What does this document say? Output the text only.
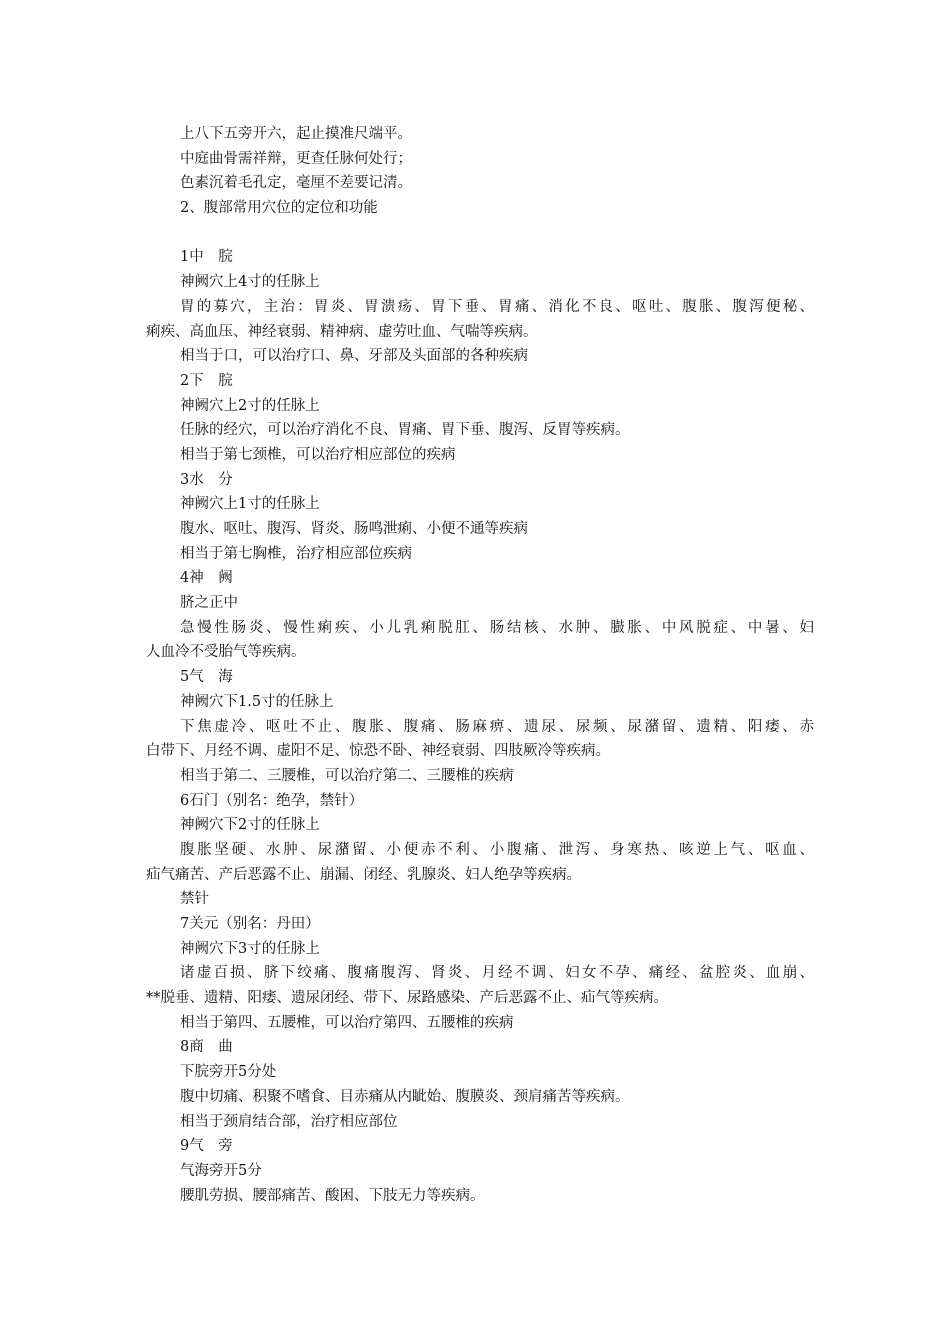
上八下五旁开六，起止摸准尺端平。
中庭曲骨需祥辩，更查任脉何处行；
色素沉着毛孔定，毫厘不差要记清。
2、腹部常用穴位的定位和功能
1中　脘
神阙穴上4寸的任脉上
胃的募穴，主治：胃炎、胃溃疡、胃下垂、胃痛、消化不良、呕吐、腹胀、腹泻便秘、
痢疾、高血压、神经衰弱、精神病、虚劳吐血、气喘等疾病。
相当于口，可以治疗口、鼻、牙部及头面部的各种疾病
2下　脘
神阙穴上2寸的任脉上
任脉的经穴，可以治疗消化不良、胃痛、胃下垂、腹泻、反胃等疾病。
相当于第七颈椎，可以治疗相应部位的疾病
3水　分
神阙穴上1寸的任脉上
腹水、呕吐、腹泻、肾炎、肠鸣泄痢、小便不通等疾病
相当于第七胸椎，治疗相应部位疾病
4神　阙
脐之正中
急慢性肠炎、慢性痢疾、小儿乳痢脱肛、肠结核、水肿、臌胀、中风脱症、中暑、妇
人血冷不受胎气等疾病。
5气　海
神阙穴下1.5寸的任脉上
下焦虚冷、呕吐不止、腹胀、腹痛、肠麻痹、遗尿、尿频、尿潴留、遗精、阳痿、赤
白带下、月经不调、虚阳不足、惊恐不卧、神经衰弱、四肢厥冷等疾病。
相当于第二、三腰椎，可以治疗第二、三腰椎的疾病
6石门（别名：绝孕，禁针）
神阙穴下2寸的任脉上
腹胀坚硬、水肿、尿潴留、小便赤不利、小腹痛、泄泻、身寒热、咳逆上气、呕血、
疝气痛苦、产后恶露不止、崩漏、闭经、乳腺炎、妇人绝孕等疾病。
禁针
7关元（别名：丹田）
神阙穴下3寸的任脉上
诸虚百损、脐下绞痛、腹痛腹泻、肾炎、月经不调、妇女不孕、痛经、盆腔炎、血崩、
**脱垂、遗精、阳痿、遗尿闭经、带下、尿路感染、产后恶露不止、疝气等疾病。
相当于第四、五腰椎，可以治疗第四、五腰椎的疾病
8商　曲
下脘旁开5分处
腹中切痛、积聚不嗜食、目赤痛从内眦始、腹膜炎、颈肩痛苦等疾病。
相当于颈肩结合部，治疗相应部位
9气　旁
气海旁开5分
腰肌劳损、腰部痛苦、酸困、下肢无力等疾病。
